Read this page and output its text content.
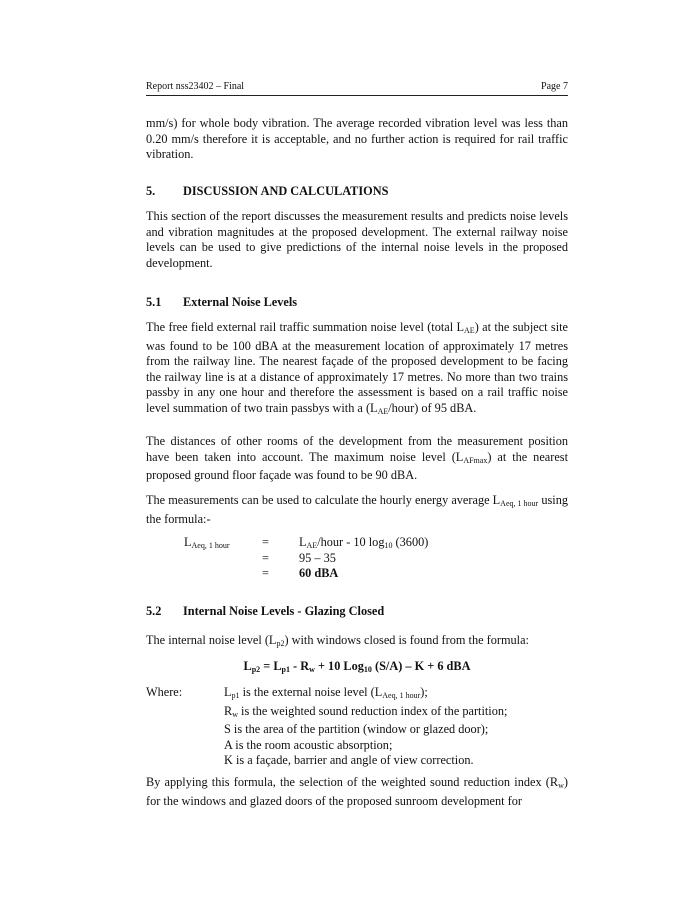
Report nss23402 – Final	Page 7

mm/s) for whole body vibration. The average recorded vibration level was less than 0.20 mm/s therefore it is acceptable, and no further action is required for rail traffic vibration.

5. DISCUSSION AND CALCULATIONS

This section of the report discusses the measurement results and predicts noise levels and vibration magnitudes at the proposed development. The external railway noise levels can be used to give predictions of the internal noise levels in the proposed development.

5.1 External Noise Levels

The free field external rail traffic summation noise level (total $L_{AE}$) at the subject site was found to be 100 dBA at the measurement location of approximately 17 metres from the railway line. The nearest façade of the proposed development to be facing the railway line is at a distance of approximately 17 metres. No more than two trains passby in any one hour and therefore the assessment is based on a rail traffic noise level summation of two train passbys with a $(L_{AE}/hour)$ of 95 dBA.

The distances of other rooms of the development from the measurement position have been taken into account. The maximum noise level $(L_{AFmax})$ at the nearest proposed ground floor façade was found to be 90 dBA.

The measurements can be used to calculate the hourly energy average $L_{Aeq, 1 hour}$ using the formula:-

$L_{Aeq, 1 hour}$	= $L_{AE}$/hour - 10 $\log_{10} (3600)$
= 95 – 35
= 60 dBA
5.2 Internal Noise Levels - Glazing Closed

The internal noise level $(L_{p2})$ with windows closed is found from the formula:

$L_{p2} = L_{p1} - R_w + 10$ Log$_{10}$ (S/A) – K + 6 dBA
Where:	$L_{p1}$ is the external noise level $(L_{Aeq, 1 hour})$;
$R_w$ is the weighted sound reduction index of the partition;
S is the area of the partition (window or glazed door);
A is the room acoustic absorption;
K is a façade, barrier and angle of view correction.

By applying this formula, the selection of the weighted sound reduction index $(R_w)$ for the windows and glazed doors of the proposed sunroom development for
